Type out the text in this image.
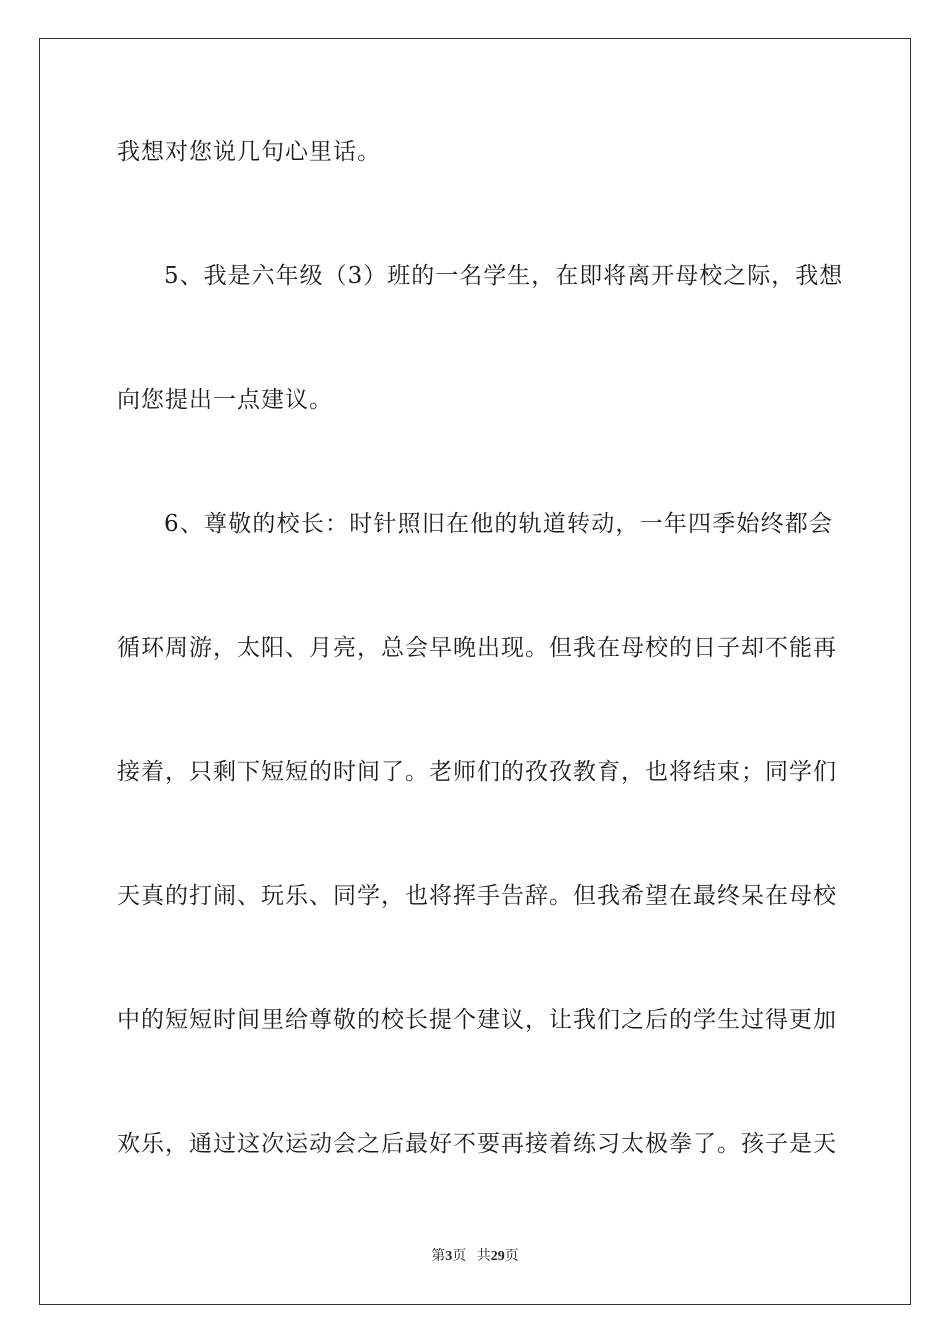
我想对您说几句心里话。
5、我是六年级（3）班的一名学生，在即将离开母校之际，我想
向您提出一点建议。
6、尊敬的校长：时针照旧在他的轨道转动，一年四季始终都会
循环周游，太阳、月亮，总会早晚出现。但我在母校的日子却不能再
接着，只剩下短短的时间了。老师们的孜孜教育，也将结束；同学们
天真的打闹、玩乐、同学，也将挥手告辞。但我希望在最终呆在母校
中的短短时间里给尊敬的校长提个建议，让我们之后的学生过得更加
欢乐，通过这次运动会之后最好不要再接着练习太极拳了。孩子是天
第3页 共29页
